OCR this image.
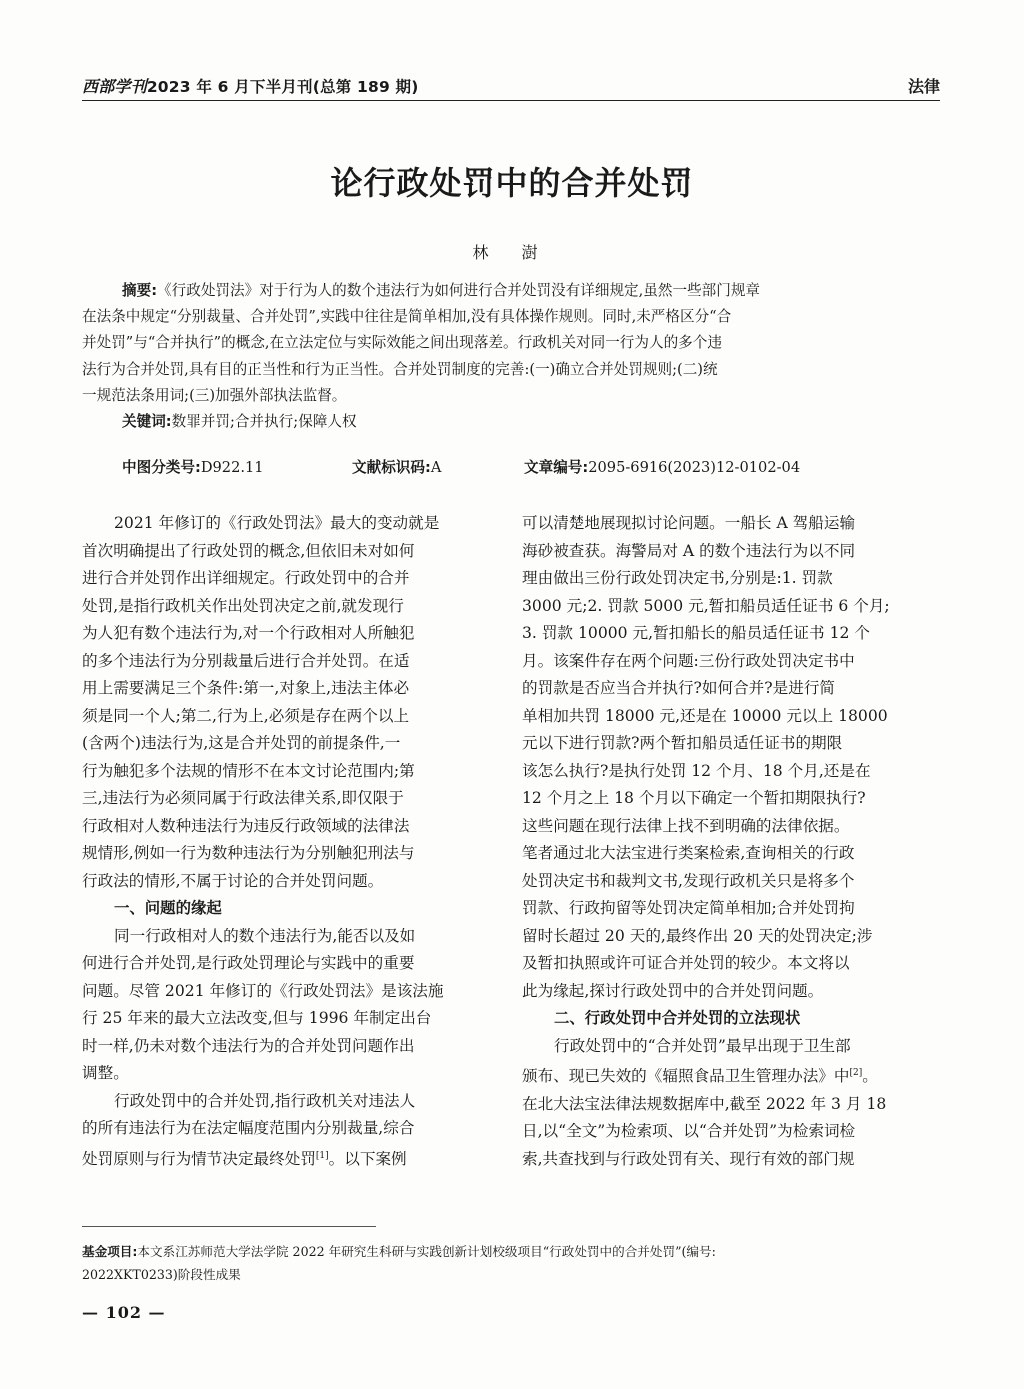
西部学刊2023 年 6 月下半月刊(总第 189 期)	法律
论行政处罚中的合并处罚
林 澍
摘要:《行政处罚法》对于行为人的数个违法行为如何进行合并处罚没有详细规定,虽然一些部门规章
在法条中规定“分别裁量、合并处罚”,实践中往往是简单相加,没有具体操作规则。同时,未严格区分“合
并处罚”与“合并执行”的概念,在立法定位与实际效能之间出现落差。行政机关对同一行为人的多个违
法行为合并处罚,具有目的正当性和行为正当性。合并处罚制度的完善:(一)确立合并处罚规则;(二)统
一规范法条用词;(三)加强外部执法监督。
关键词:数罪并罚;合并执行;保障人权
中图分类号:D922.11	文献标识码:A	文章编号:2095-6916(2023)12-0102-04
2021 年修订的《行政处罚法》最大的变动就是
首次明确提出了行政处罚的概念,但依旧未对如何
进行合并处罚作出详细规定。行政处罚中的合并
处罚,是指行政机关作出处罚决定之前,就发现行
为人犯有数个违法行为,对一个行政相对人所触犯
的多个违法行为分别裁量后进行合并处罚。在适
用上需要满足三个条件:第一,对象上,违法主体必
须是同一个人;第二,行为上,必须是存在两个以上
(含两个)违法行为,这是合并处罚的前提条件,一
行为触犯多个法规的情形不在本文讨论范围内;第
三,违法行为必须同属于行政法律关系,即仅限于
行政相对人数种违法行为违反行政领域的法律法
规情形,例如一行为数种违法行为分别触犯刑法与
行政法的情形,不属于讨论的合并处罚问题。
一、问题的缘起
同一行政相对人的数个违法行为,能否以及如
何进行合并处罚,是行政处罚理论与实践中的重要
问题。尽管 2021 年修订的《行政处罚法》是该法施
行 25 年来的最大立法改变,但与 1996 年制定出台
时一样,仍未对数个违法行为的合并处罚问题作出
调整。
行政处罚中的合并处罚,指行政机关对违法人
的所有违法行为在法定幅度范围内分别裁量,综合
处罚原则与行为情节决定最终处罚[1]。以下案例
可以清楚地展现拟讨论问题。一船长 A 驾船运输
海砂被查获。海警局对 A 的数个违法行为以不同
理由做出三份行政处罚决定书,分别是:1. 罚款
3000 元;2. 罚款 5000 元,暂扣船员适任证书 6 个月;
3. 罚款 10000 元,暂扣船长的船员适任证书 12 个
月。该案件存在两个问题:三份行政处罚决定书中
的罚款是否应当合并执行?如何合并?是进行简
单相加共罚 18000 元,还是在 10000 元以上 18000
元以下进行罚款?两个暂扣船员适任证书的期限
该怎么执行?是执行处罚 12 个月、18 个月,还是在
12 个月之上 18 个月以下确定一个暂扣期限执行?
这些问题在现行法律上找不到明确的法律依据。
笔者通过北大法宝进行类案检索,查询相关的行政
处罚决定书和裁判文书,发现行政机关只是将多个
罚款、行政拘留等处罚决定简单相加;合并处罚拘
留时长超过 20 天的,最终作出 20 天的处罚决定;涉
及暂扣执照或许可证合并处罚的较少。本文将以
此为缘起,探讨行政处罚中的合并处罚问题。
二、行政处罚中合并处罚的立法现状
行政处罚中的“合并处罚”最早出现于卫生部
颁布、现已失效的《辐照食品卫生管理办法》中[2]。
在北大法宝法律法规数据库中,截至 2022 年 3 月 18
日,以“全文”为检索项、以“合并处罚”为检索词检
索,共查找到与行政处罚有关、现行有效的部门规
基金项目:本文系江苏师范大学法学院 2022 年研究生科研与实践创新计划校级项目“行政处罚中的合并处罚”(编号:
2022XKT0233)阶段性成果
— 102 —
